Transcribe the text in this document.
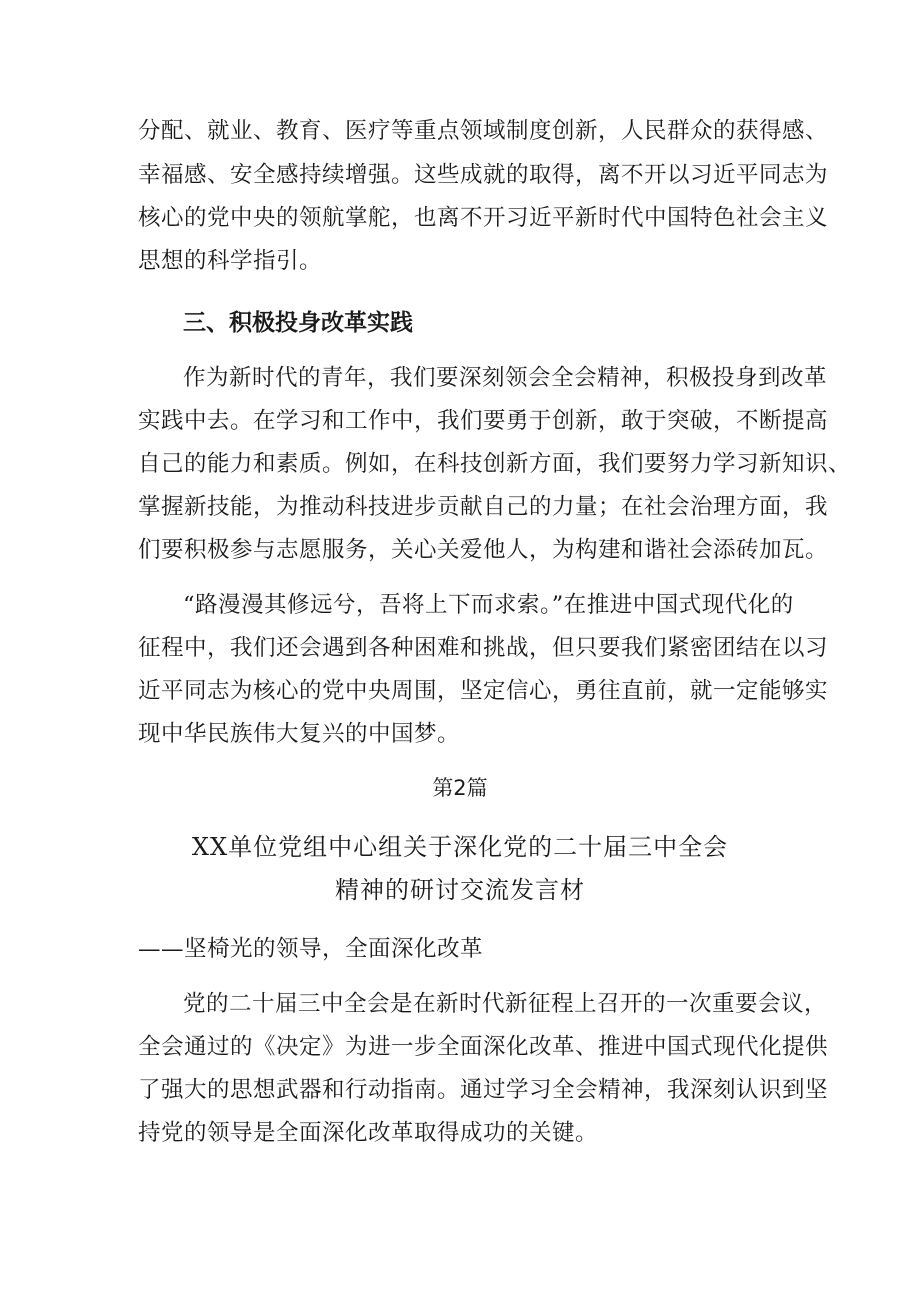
分配、就业、教育、医疗等重点领域制度创新，人民群众的获得感、
幸福感、安全感持续增强。这些成就的取得，离不开以习近平同志为
核心的党中央的领航掌舵，也离不开习近平新时代中国特色社会主义
思想的科学指引。
三、积极投身改革实践
作为新时代的青年，我们要深刻领会全会精神，积极投身到改革
实践中去。在学习和工作中，我们要勇于创新，敢于突破，不断提高
自己的能力和素质。例如，在科技创新方面，我们要努力学习新知识、
掌握新技能，为推动科技进步贡献自己的力量；在社会治理方面，我
们要积极参与志愿服务，关心关爱他人，为构建和谐社会添砖加瓦。
“路漫漫其修远兮，吾将上下而求索。”在推进中国式现代化的
征程中，我们还会遇到各种困难和挑战，但只要我们紧密团结在以习
近平同志为核心的党中央周围，坚定信心，勇往直前，就一定能够实
现中华民族伟大复兴的中国梦。
第2篇
XX单位党组中心组关于深化党的二十届三中全会
精神的研讨交流发言材
——坚椅光的领导，全面深化改革
党的二十届三中全会是在新时代新征程上召开的一次重要会议，
全会通过的《决定》为进一步全面深化改革、推进中国式现代化提供
了强大的思想武器和行动指南。通过学习全会精神，我深刻认识到坚
持党的领导是全面深化改革取得成功的关键。
